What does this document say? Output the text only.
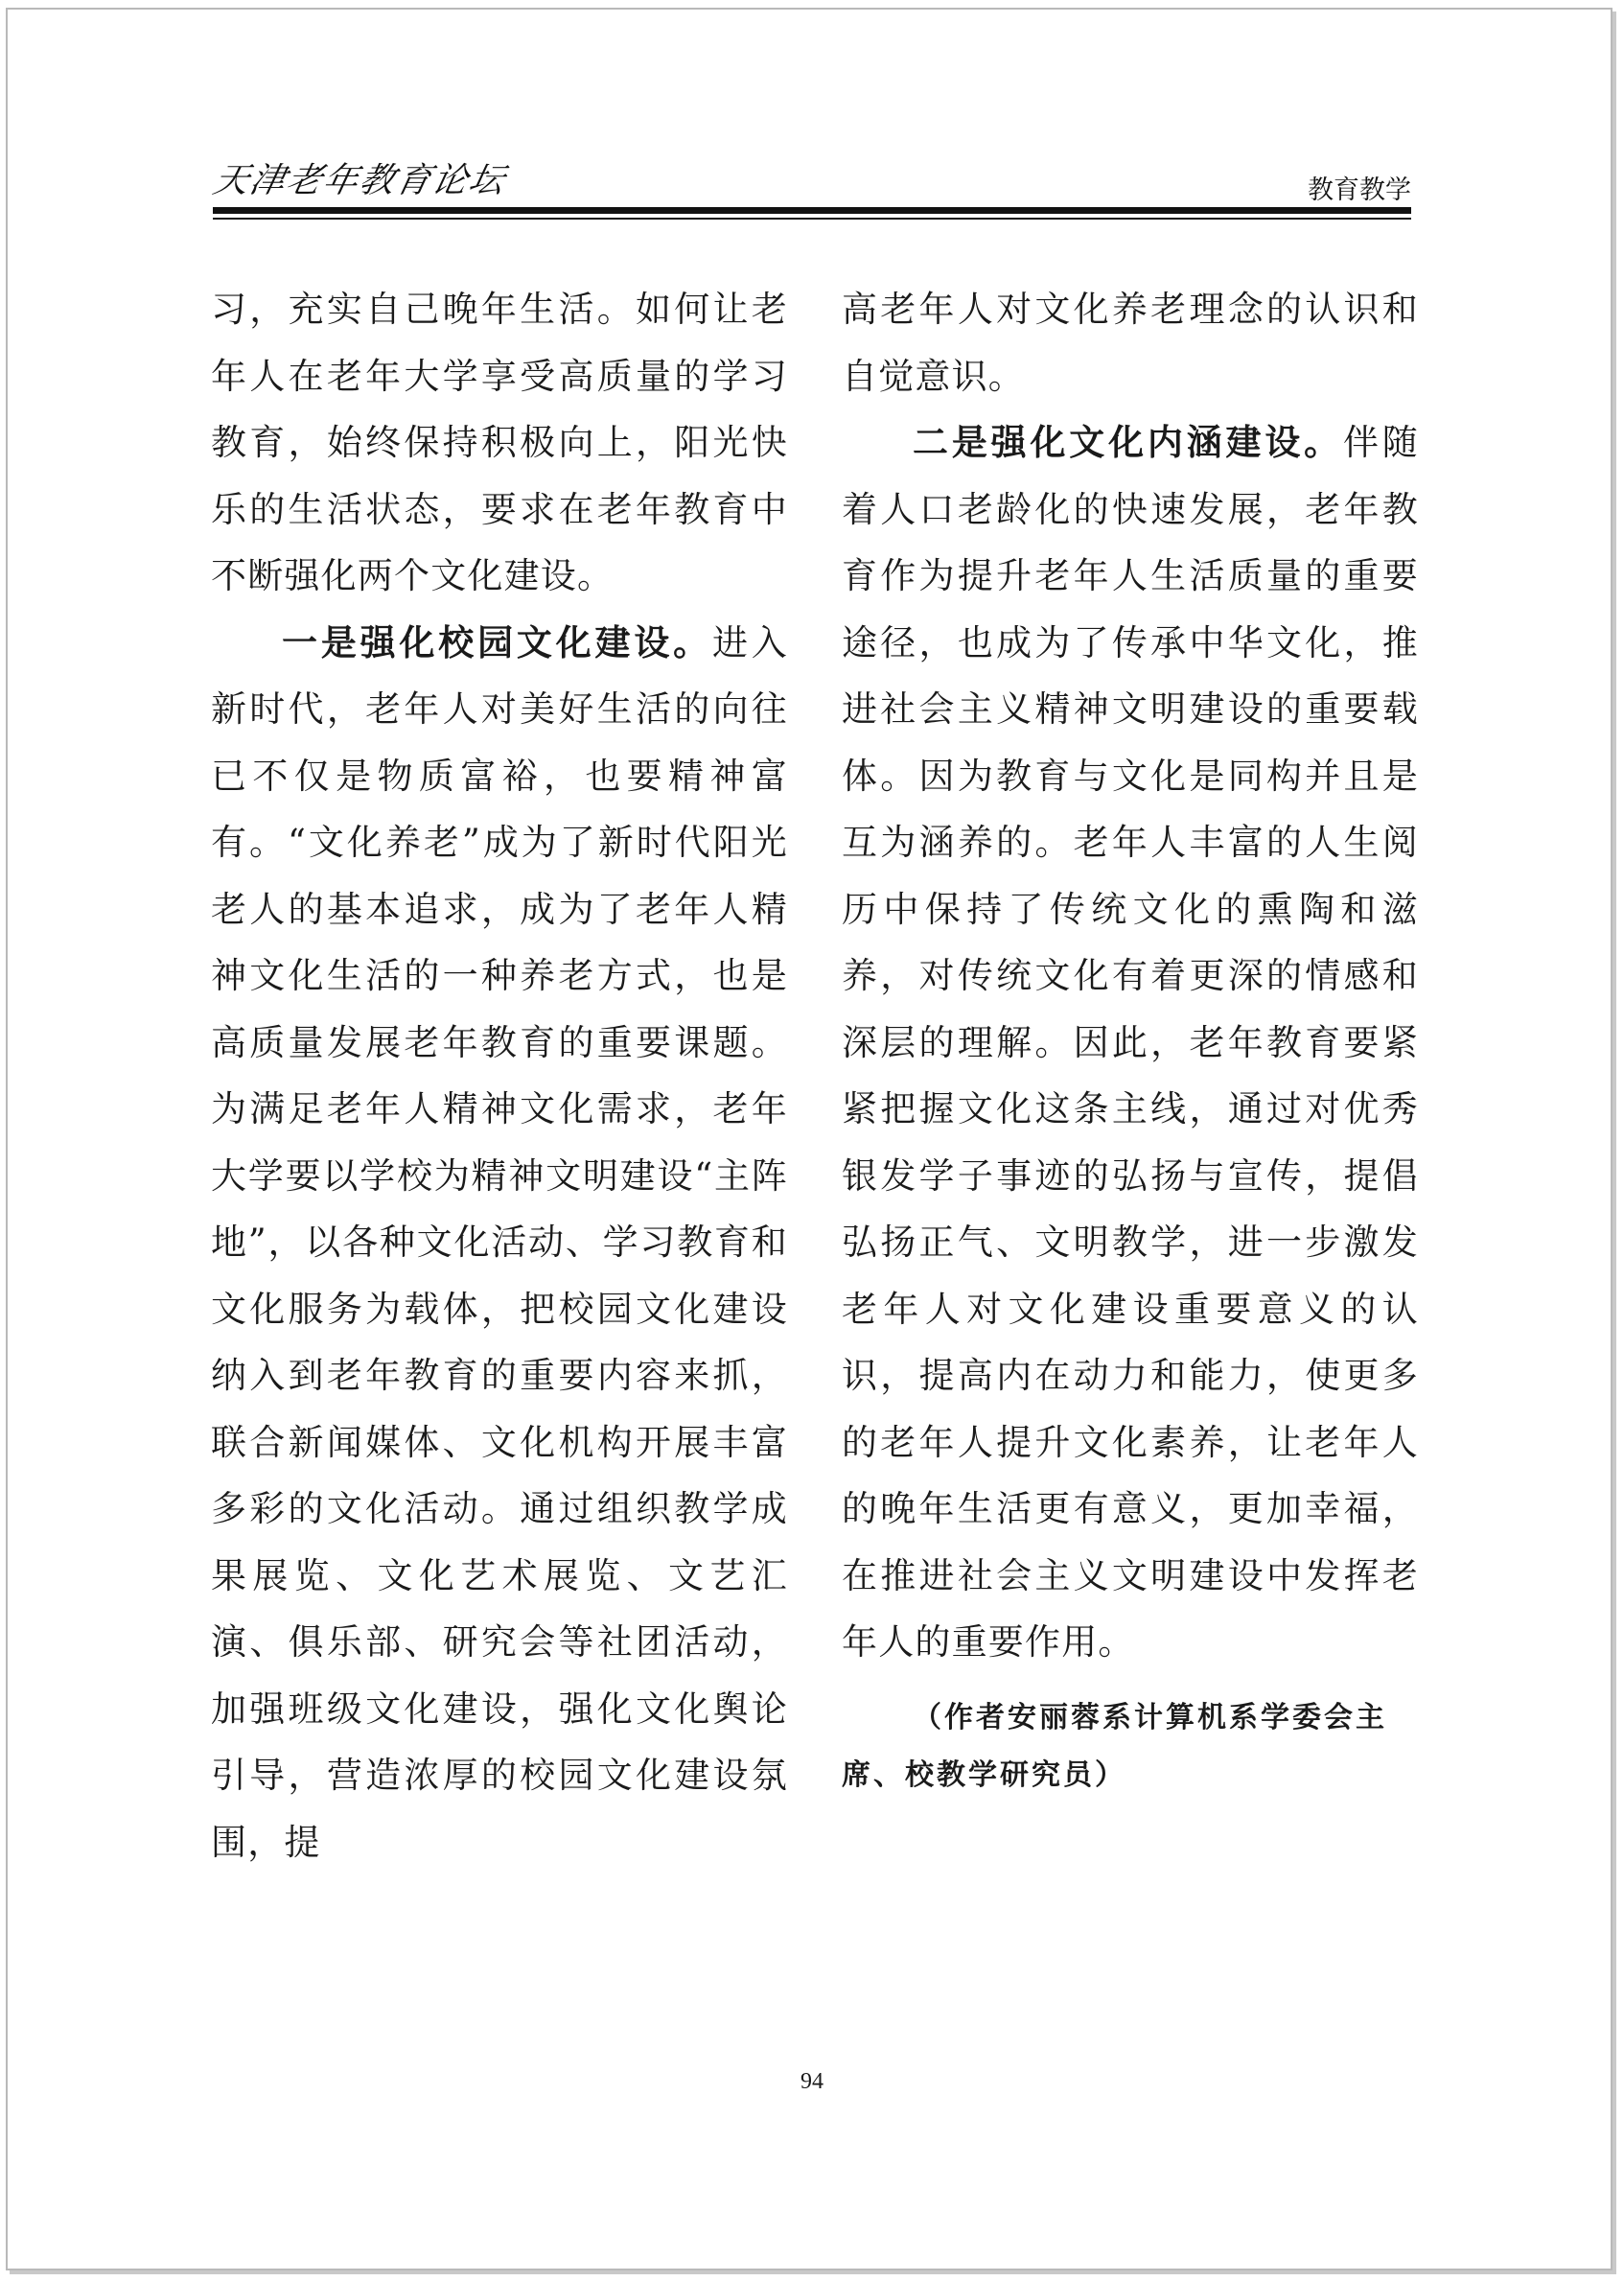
天津老年教育论坛	教育教学

习，充实自己晚年生活。如何让老年人在老年大学享受高质量的学习教育，始终保持积极向上，阳光快乐的生活状态，要求在老年教育中不断强化两个文化建设。

一是强化校园文化建设。进入新时代，老年人对美好生活的向往已不仅是物质富裕，也要精神富有。“文化养老”成为了新时代阳光老人的基本追求，成为了老年人精神文化生活的一种养老方式，也是高质量发展老年教育的重要课题。为满足老年人精神文化需求，老年大学要以学校为精神文明建设“主阵地”，以各种文化活动、学习教育和文化服务为载体，把校园文化建设纳入到老年教育的重要内容来抓，联合新闻媒体、文化机构开展丰富多彩的文化活动。通过组织教学成果展览、文化艺术展览、文艺汇演、俱乐部、研究会等社团活动，加强班级文化建设，强化文化舆论引导，营造浓厚的校园文化建设氛围，提

高老年人对文化养老理念的认识和自觉意识。

二是强化文化内涵建设。伴随着人口老龄化的快速发展，老年教育作为提升老年人生活质量的重要途径，也成为了传承中华文化，推进社会主义精神文明建设的重要载体。因为教育与文化是同构并且是互为涵养的。老年人丰富的人生阅历中保持了传统文化的熏陶和滋养，对传统文化有着更深的情感和深层的理解。因此，老年教育要紧紧把握文化这条主线，通过对优秀银发学子事迹的弘扬与宣传，提倡弘扬正气、文明教学，进一步激发老年人对文化建设重要意义的认识，提高内在动力和能力，使更多的老年人提升文化素养，让老年人的晚年生活更有意义，更加幸福，在推进社会主义文明建设中发挥老年人的重要作用。

（作者安丽蓉系计算机系学委会主席、校教学研究员）

94
